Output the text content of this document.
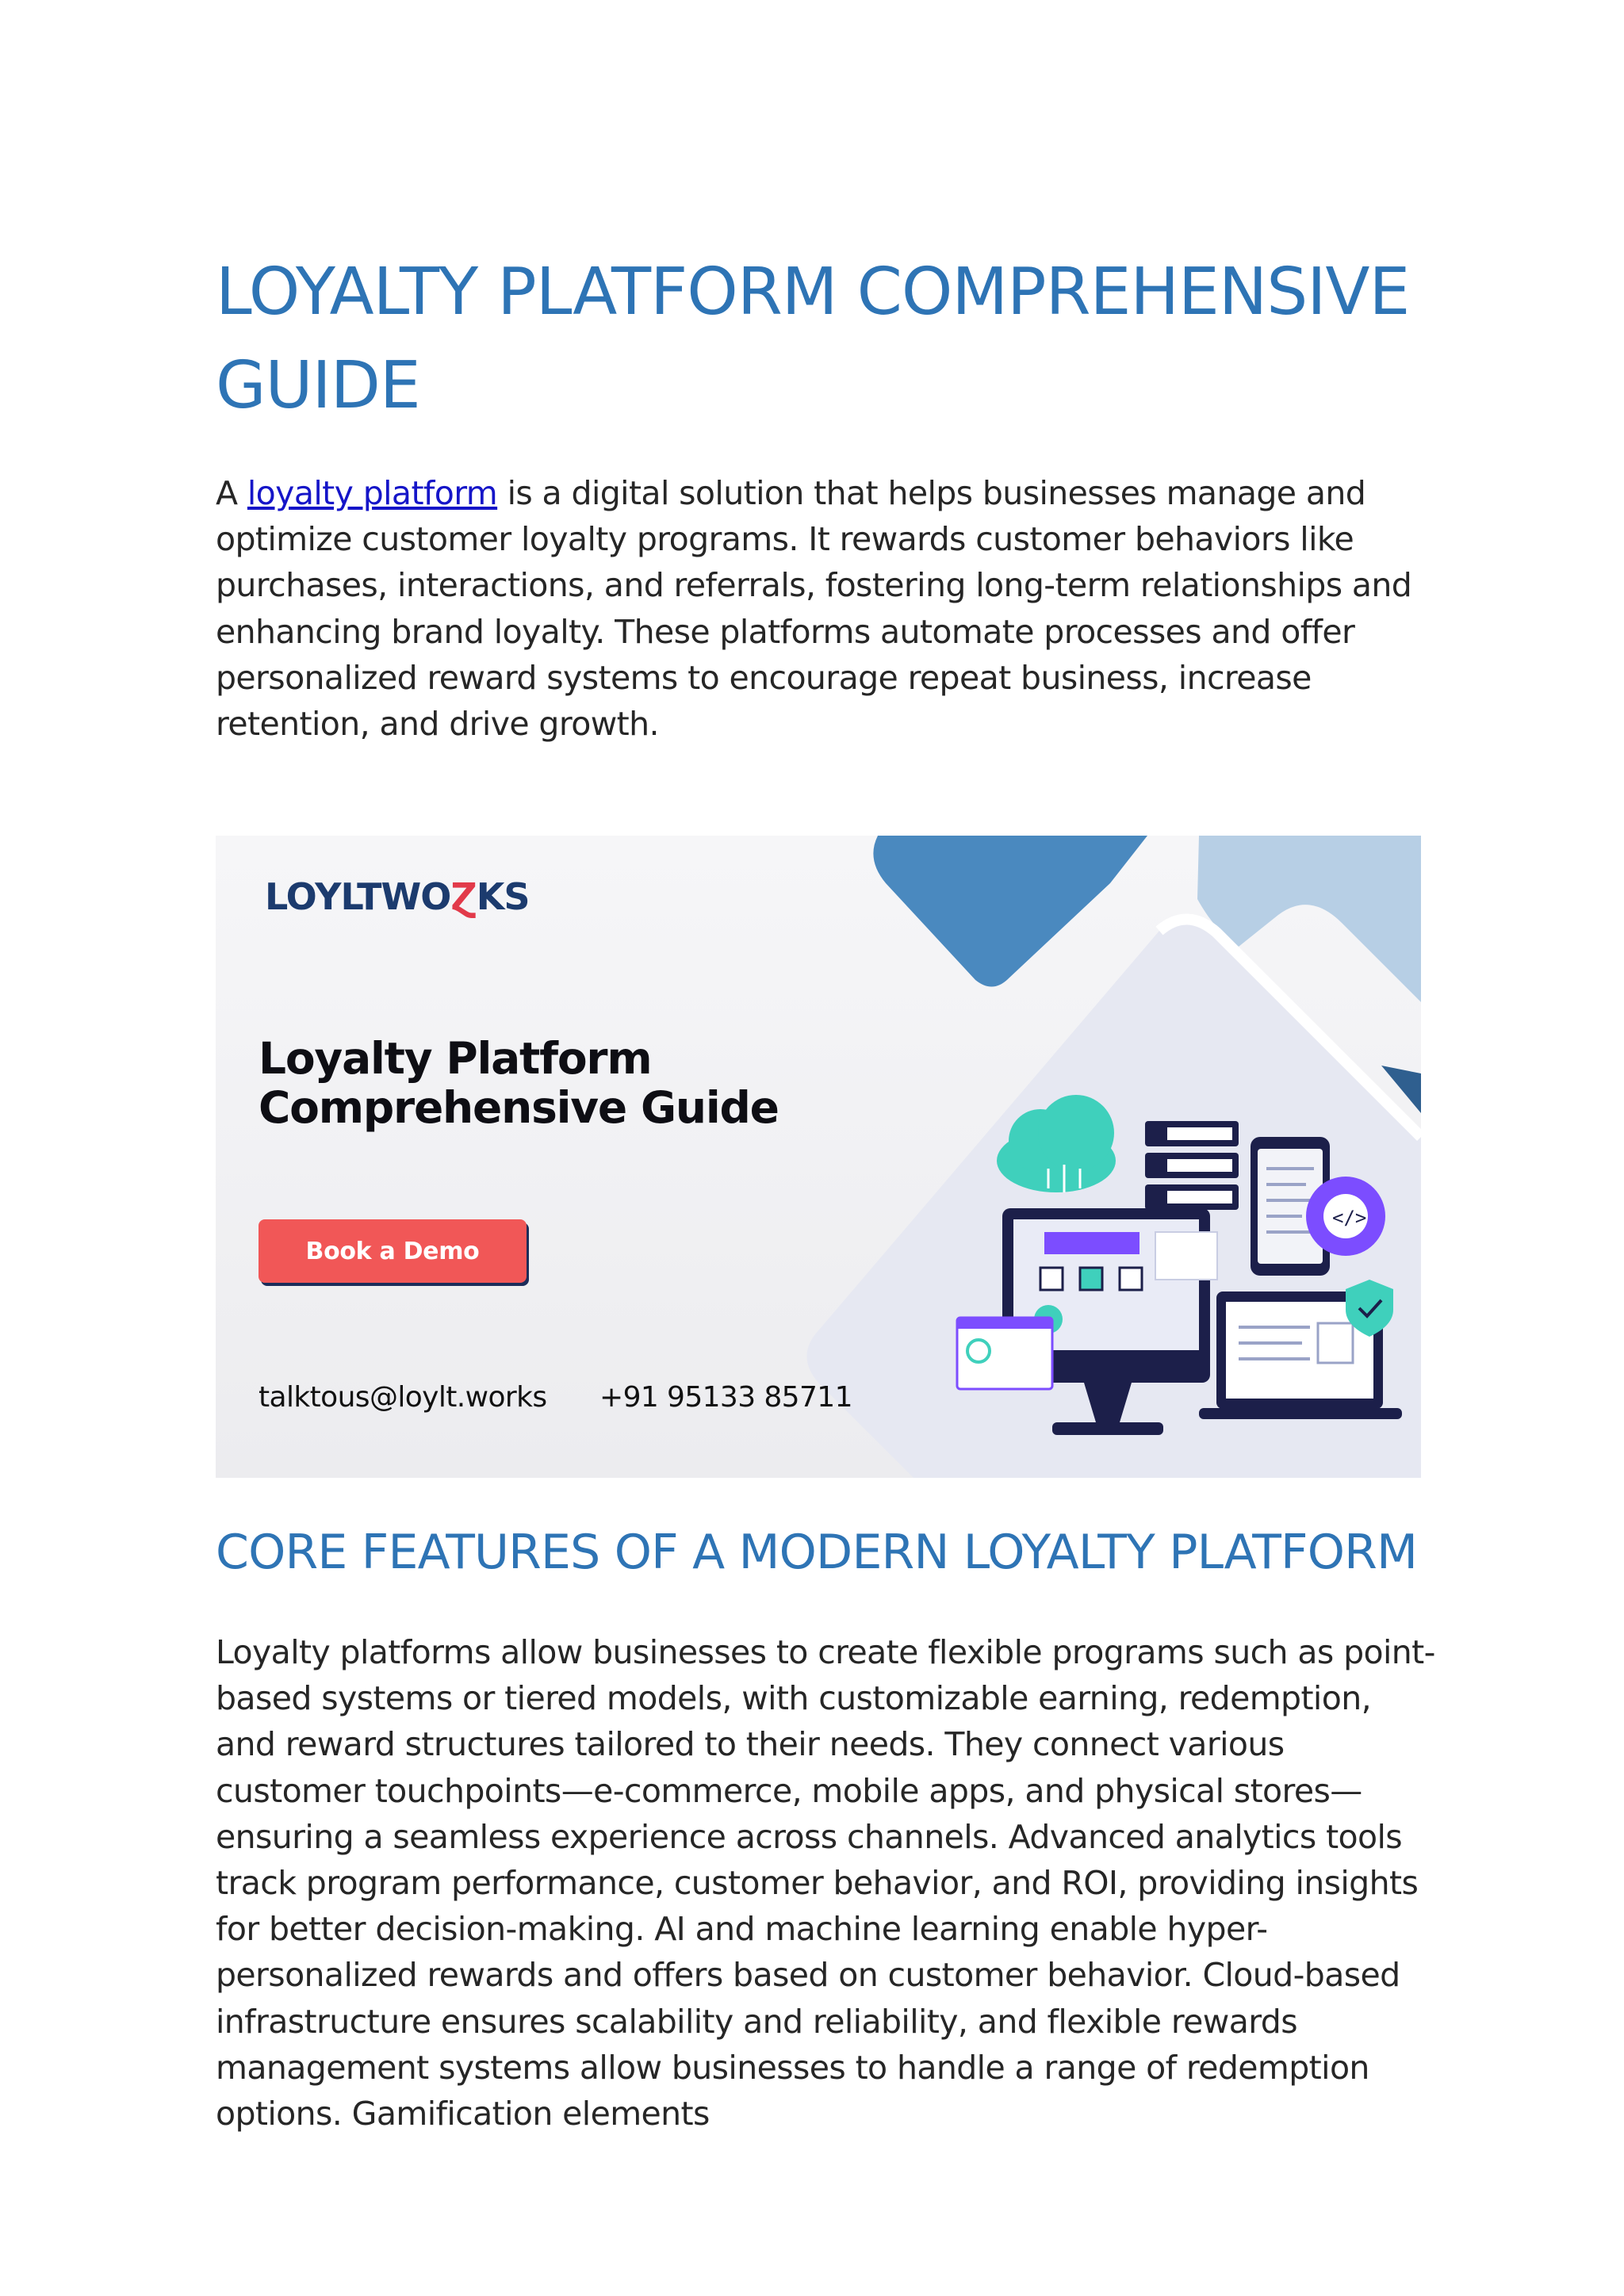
LOYALTY PLATFORM COMPREHENSIVE GUIDE

A loyalty platform is a digital solution that helps businesses manage and optimize customer loyalty programs. It rewards customer behaviors like purchases, interactions, and referrals, fostering long-term relationships and enhancing brand loyalty. These platforms automate processes and offer personalized reward systems to encourage repeat business, increase retention, and drive growth.

</>
LOYLTWOⱿKS
Loyalty Platform Comprehensive Guide
Book a Demo
talktous@loylt.works +91 95133 85711
CORE FEATURES OF A MODERN LOYALTY PLATFORM

Loyalty platforms allow businesses to create flexible programs such as point-based systems or tiered models, with customizable earning, redemption, and reward structures tailored to their needs. They connect various customer touchpoints—e-commerce, mobile apps, and physical stores—ensuring a seamless experience across channels. Advanced analytics tools track program performance, customer behavior, and ROI, providing insights for better decision-making. AI and machine learning enable hyper-personalized rewards and offers based on customer behavior. Cloud-based infrastructure ensures scalability and reliability, and flexible rewards management systems allow businesses to handle a range of redemption options. Gamification elements
